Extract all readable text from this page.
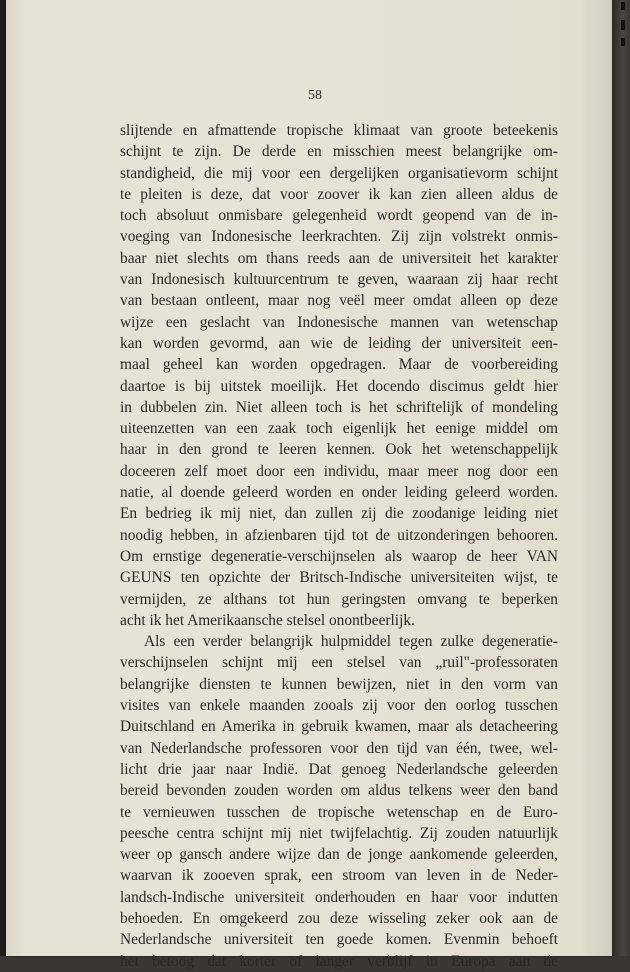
58
slijtende en afmattende tropische klimaat van groote beteekenis
schijnt te zijn. De derde en misschien meest belangrijke om-
standigheid, die mij voor een dergelijken organisatievorm schijnt
te pleiten is deze, dat voor zoover ik kan zien alleen aldus de
toch absoluut onmisbare gelegenheid wordt geopend van de in-
voeging van Indonesische leerkrachten. Zij zijn volstrekt onmis-
baar niet slechts om thans reeds aan de universiteit het karakter
van Indonesisch kultuurcentrum te geven, waaraan zij haar recht
van bestaan ontleent, maar nog veël meer omdat alleen op deze
wijze een geslacht van Indonesische mannen van wetenschap
kan worden gevormd, aan wie de leiding der universiteit een-
maal geheel kan worden opgedragen. Maar de voorbereiding
daartoe is bij uitstek moeilijk. Het docendo discimus geldt hier
in dubbelen zin. Niet alleen toch is het schriftelijk of mondeling
uiteenzetten van een zaak toch eigenlijk het eenige middel om
haar in den grond te leeren kennen. Ook het wetenschappelijk
doceeren zelf moet door een individu, maar meer nog door een
natie, al doende geleerd worden en onder leiding geleerd worden.
En bedrieg ik mij niet, dan zullen zij die zoodanige leiding niet
noodig hebben, in afzienbaren tijd tot de uitzonderingen behooren.
Om ernstige degeneratie-verschijnselen als waarop de heer VAN
GEUNS ten opzichte der Britsch-Indische universiteiten wijst, te
vermijden, ze althans tot hun geringsten omvang te beperken
acht ik het Amerikaansche stelsel onontbeerlijk.
Als een verder belangrijk hulpmiddel tegen zulke degeneratie-
verschijnselen schijnt mij een stelsel van „ruil"-professoraten
belangrijke diensten te kunnen bewijzen, niet in den vorm van
visites van enkele maanden zooals zij voor den oorlog tusschen
Duitschland en Amerika in gebruik kwamen, maar als detacheering
van Nederlandsche professoren voor den tijd van één, twee, wel-
licht drie jaar naar Indië. Dat genoeg Nederlandsche geleerden
bereid bevonden zouden worden om aldus telkens weer den band
te vernieuwen tusschen de tropische wetenschap en de Euro-
peesche centra schijnt mij niet twijfelachtig. Zij zouden natuurlijk
weer op gansch andere wijze dan de jonge aankomende geleerden,
waarvan ik zooeven sprak, een stroom van leven in de Neder-
landsch-Indische universiteit onderhouden en haar voor indutten
behoeden. En omgekeerd zou deze wisseling zeker ook aan de
Nederlandsche universiteit ten goede komen. Evenmin behoeft
het betoog dat korter of langer verblijf in Europa aan de
